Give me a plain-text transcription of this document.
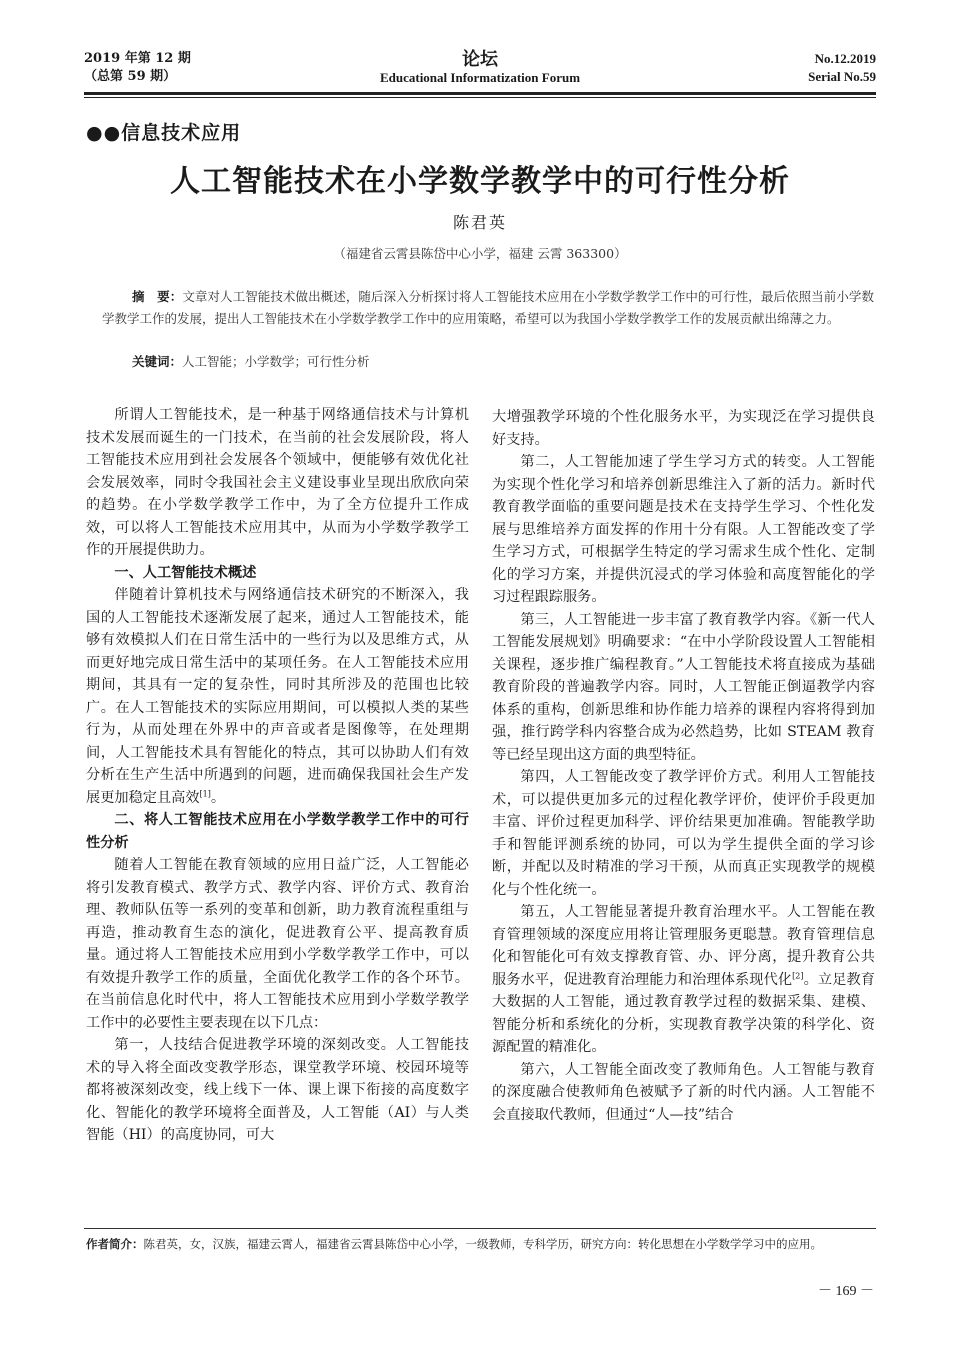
2019 年第 12 期
（总第 59 期）
论坛
Educational Informatization Forum
No.12.2019
Serial No.59
●●信息技术应用
人工智能技术在小学数学教学中的可行性分析
陈君英
（福建省云霄县陈岱中心小学，福建 云霄 363300）
摘　要：文章对人工智能技术做出概述，随后深入分析探讨将人工智能技术应用在小学数学教学工作中的可行性，最后依照当前小学数学教学工作的发展，提出人工智能技术在小学数学教学工作中的应用策略，希望可以为我国小学数学教学工作的发展贡献出绵薄之力。
关键词：人工智能；小学数学；可行性分析

所谓人工智能技术，是一种基于网络通信技术与计算机技术发展而诞生的一门技术，在当前的社会发展阶段，将人工智能技术应用到社会发展各个领域中，便能够有效优化社会发展效率，同时令我国社会主义建设事业呈现出欣欣向荣的趋势。在小学数学教学工作中，为了全方位提升工作成效，可以将人工智能技术应用其中，从而为小学数学教学工作的开展提供助力。

一、人工智能技术概述

伴随着计算机技术与网络通信技术研究的不断深入，我国的人工智能技术逐渐发展了起来，通过人工智能技术，能够有效模拟人们在日常生活中的一些行为以及思维方式，从而更好地完成日常生活中的某项任务。在人工智能技术应用期间，其具有一定的复杂性，同时其所涉及的范围也比较广。在人工智能技术的实际应用期间，可以模拟人类的某些行为，从而处理在外界中的声音或者是图像等，在处理期间，人工智能技术具有智能化的特点，其可以协助人们有效分析在生产生活中所遇到的问题，进而确保我国社会生产发展更加稳定且高效[1]。

二、将人工智能技术应用在小学数学教学工作中的可行性分析

随着人工智能在教育领域的应用日益广泛，人工智能必将引发教育模式、教学方式、教学内容、评价方式、教育治理、教师队伍等一系列的变革和创新，助力教育流程重组与再造，推动教育生态的演化，促进教育公平、提高教育质量。通过将人工智能技术应用到小学数学教学工作中，可以有效提升教学工作的质量，全面优化教学工作的各个环节。在当前信息化时代中，将人工智能技术应用到小学数学教学工作中的必要性主要表现在以下几点：

第一，人技结合促进教学环境的深刻改变。人工智能技术的导入将全面改变教学形态，课堂教学环境、校园环境等都将被深刻改变，线上线下一体、课上课下衔接的高度数字化、智能化的教学环境将全面普及，人工智能（AI）与人类智能（HI）的高度协同，可大

大增强教学环境的个性化服务水平，为实现泛在学习提供良好支持。

第二，人工智能加速了学生学习方式的转变。人工智能为实现个性化学习和培养创新思维注入了新的活力。新时代教育教学面临的重要问题是技术在支持学生学习、个性化发展与思维培养方面发挥的作用十分有限。人工智能改变了学生学习方式，可根据学生特定的学习需求生成个性化、定制化的学习方案，并提供沉浸式的学习体验和高度智能化的学习过程跟踪服务。

第三，人工智能进一步丰富了教育教学内容。《新一代人工智能发展规划》明确要求：“在中小学阶段设置人工智能相关课程，逐步推广编程教育。”人工智能技术将直接成为基础教育阶段的普遍教学内容。同时，人工智能正倒逼教学内容体系的重构，创新思维和协作能力培养的课程内容将得到加强，推行跨学科内容整合成为必然趋势，比如 STEAM 教育等已经呈现出这方面的典型特征。

第四，人工智能改变了教学评价方式。利用人工智能技术，可以提供更加多元的过程化教学评价，使评价手段更加丰富、评价过程更加科学、评价结果更加准确。智能教学助手和智能评测系统的协同，可以为学生提供全面的学习诊断，并配以及时精准的学习干预，从而真正实现教学的规模化与个性化统一。

第五，人工智能显著提升教育治理水平。人工智能在教育管理领域的深度应用将让管理服务更聪慧。教育管理信息化和智能化可有效支撑教育管、办、评分离，提升教育公共服务水平，促进教育治理能力和治理体系现代化[2]。立足教育大数据的人工智能，通过教育教学过程的数据采集、建模、智能分析和系统化的分析，实现教育教学决策的科学化、资源配置的精准化。

第六，人工智能全面改变了教师角色。人工智能与教育的深度融合使教师角色被赋予了新的时代内涵。人工智能不会直接取代教师，但通过“人—技”结合

作者简介：陈君英，女，汉族，福建云霄人，福建省云霄县陈岱中心小学，一级教师，专科学历，研究方向：转化思想在小学数学学习中的应用。
－ 169 －
